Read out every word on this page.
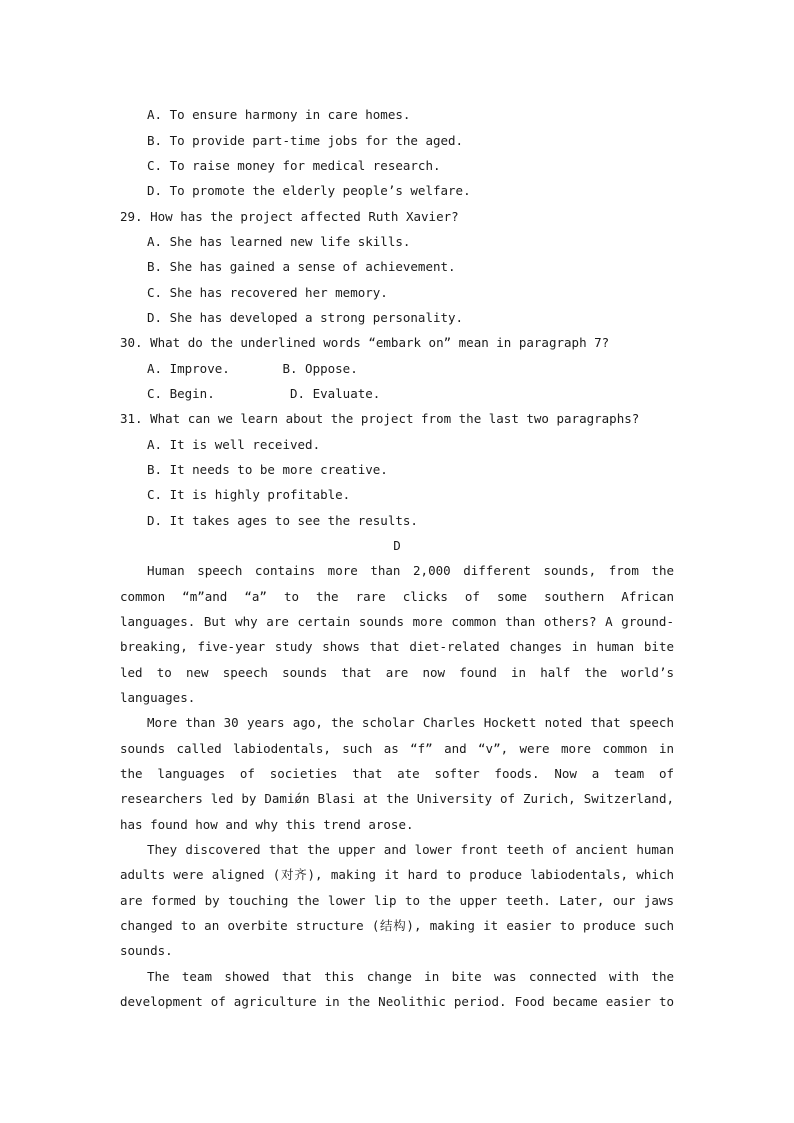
A. To ensure harmony in care homes.
B. To provide part-time jobs for the aged.
C. To raise money for medical research.
D. To promote the elderly people’s welfare.
29. How has the project affected Ruth Xavier?
A. She has learned new life skills.
B. She has gained a sense of achievement.
C. She has recovered her memory.
D. She has developed a strong personality.
30. What do the underlined words “embark on” mean in paragraph 7?
A. Improve.       B. Oppose.
C. Begin.          D. Evaluate.
31. What can we learn about the project from the last two paragraphs?
A. It is well received.
B. It needs to be more creative.
C. It is highly profitable.
D. It takes ages to see the results.
D
Human speech contains more than 2,000 different sounds, from the
common “m”and “a” to the rare clicks of some southern African
languages. But why are certain sounds more common than others? A ground-
breaking, five-year study shows that diet-related changes in human bite
led to new speech sounds that are now found in half the world’s
languages.
More than 30 years ago, the scholar Charles Hockett noted that speech
sounds called labiodentals, such as “f” and “v”, were more common in
the languages of societies that ate softer foods. Now a team of
researchers led by Damiǿn Blasi at the University of Zurich, Switzerland,
has found how and why this trend arose.
They discovered that the upper and lower front teeth of ancient human
adults were aligned (对齐), making it hard to produce labiodentals, which
are formed by touching the lower lip to the upper teeth. Later, our jaws
changed to an overbite structure (结构), making it easier to produce such
sounds.
The team showed that this change in bite was connected with the
development of agriculture in the Neolithic period. Food became easier to
